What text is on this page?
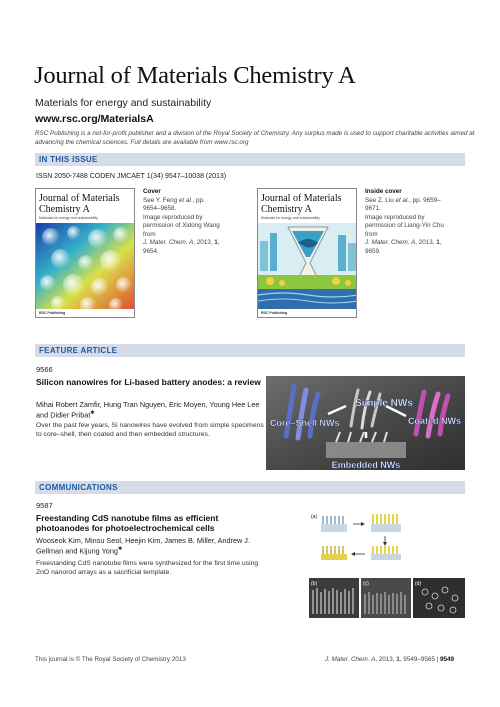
Journal of Materials Chemistry A
Materials for energy and sustainability
www.rsc.org/MaterialsA
RSC Publishing is a not-for-profit publisher and a division of the Royal Society of Chemistry. Any surplus made is used to support charitable activities aimed at advancing the chemical sciences. Full details are available from www.rsc.org
IN THIS ISSUE
ISSN 2050-7488 CODEN JMCAET 1(34) 9547–10038 (2013)
Journal of Materials Chemistry A
Materials for energy and sustainability
RSC Publishing
Cover
See Y. Feng et al., pp. 9654–9658.
Image reproduced by permission of Xidong Wang from
J. Mater. Chem. A, 2013, 1, 9654.
Journal of Materials Chemistry A
Materials for energy and sustainability
RSC Publishing
Inside cover
See Z. Liu et al., pp. 9659–9671.
Image reproduced by permission of Liang-Yin Chu from
J. Mater. Chem. A, 2013, 1, 9659.
FEATURE ARTICLE
9566
Silicon nanowires for Li-based battery anodes: a review
Mihai Robert Zamfir, Hung Tran Nguyen, Eric Moyen, Young Hee Lee and Didier Pribat✱
Over the past few years, Si nanowires have evolved from simple specimens to core–shell, then coated and then embedded structures.
Simple NWs
Core–Shell NWs	Coated NWs
Embedded NWs
COMMUNICATIONS
9587
Freestanding CdS nanotube films as efficient photoanodes for photoelectrochemical cells
Wooseok Kim, Minsu Seol, Heejin Kim, James B. Miller, Andrew J. Gellman and Kijung Yong✱
Freestanding CdS nanotube films were synthesized for the first time using ZnO nanorod arrays as a sacrificial template.
(a)
(b)	(c)	(d)
This journal is © The Royal Society of Chemistry 2013	J. Mater. Chem. A, 2013, 1, 9549–9565 | 9549
